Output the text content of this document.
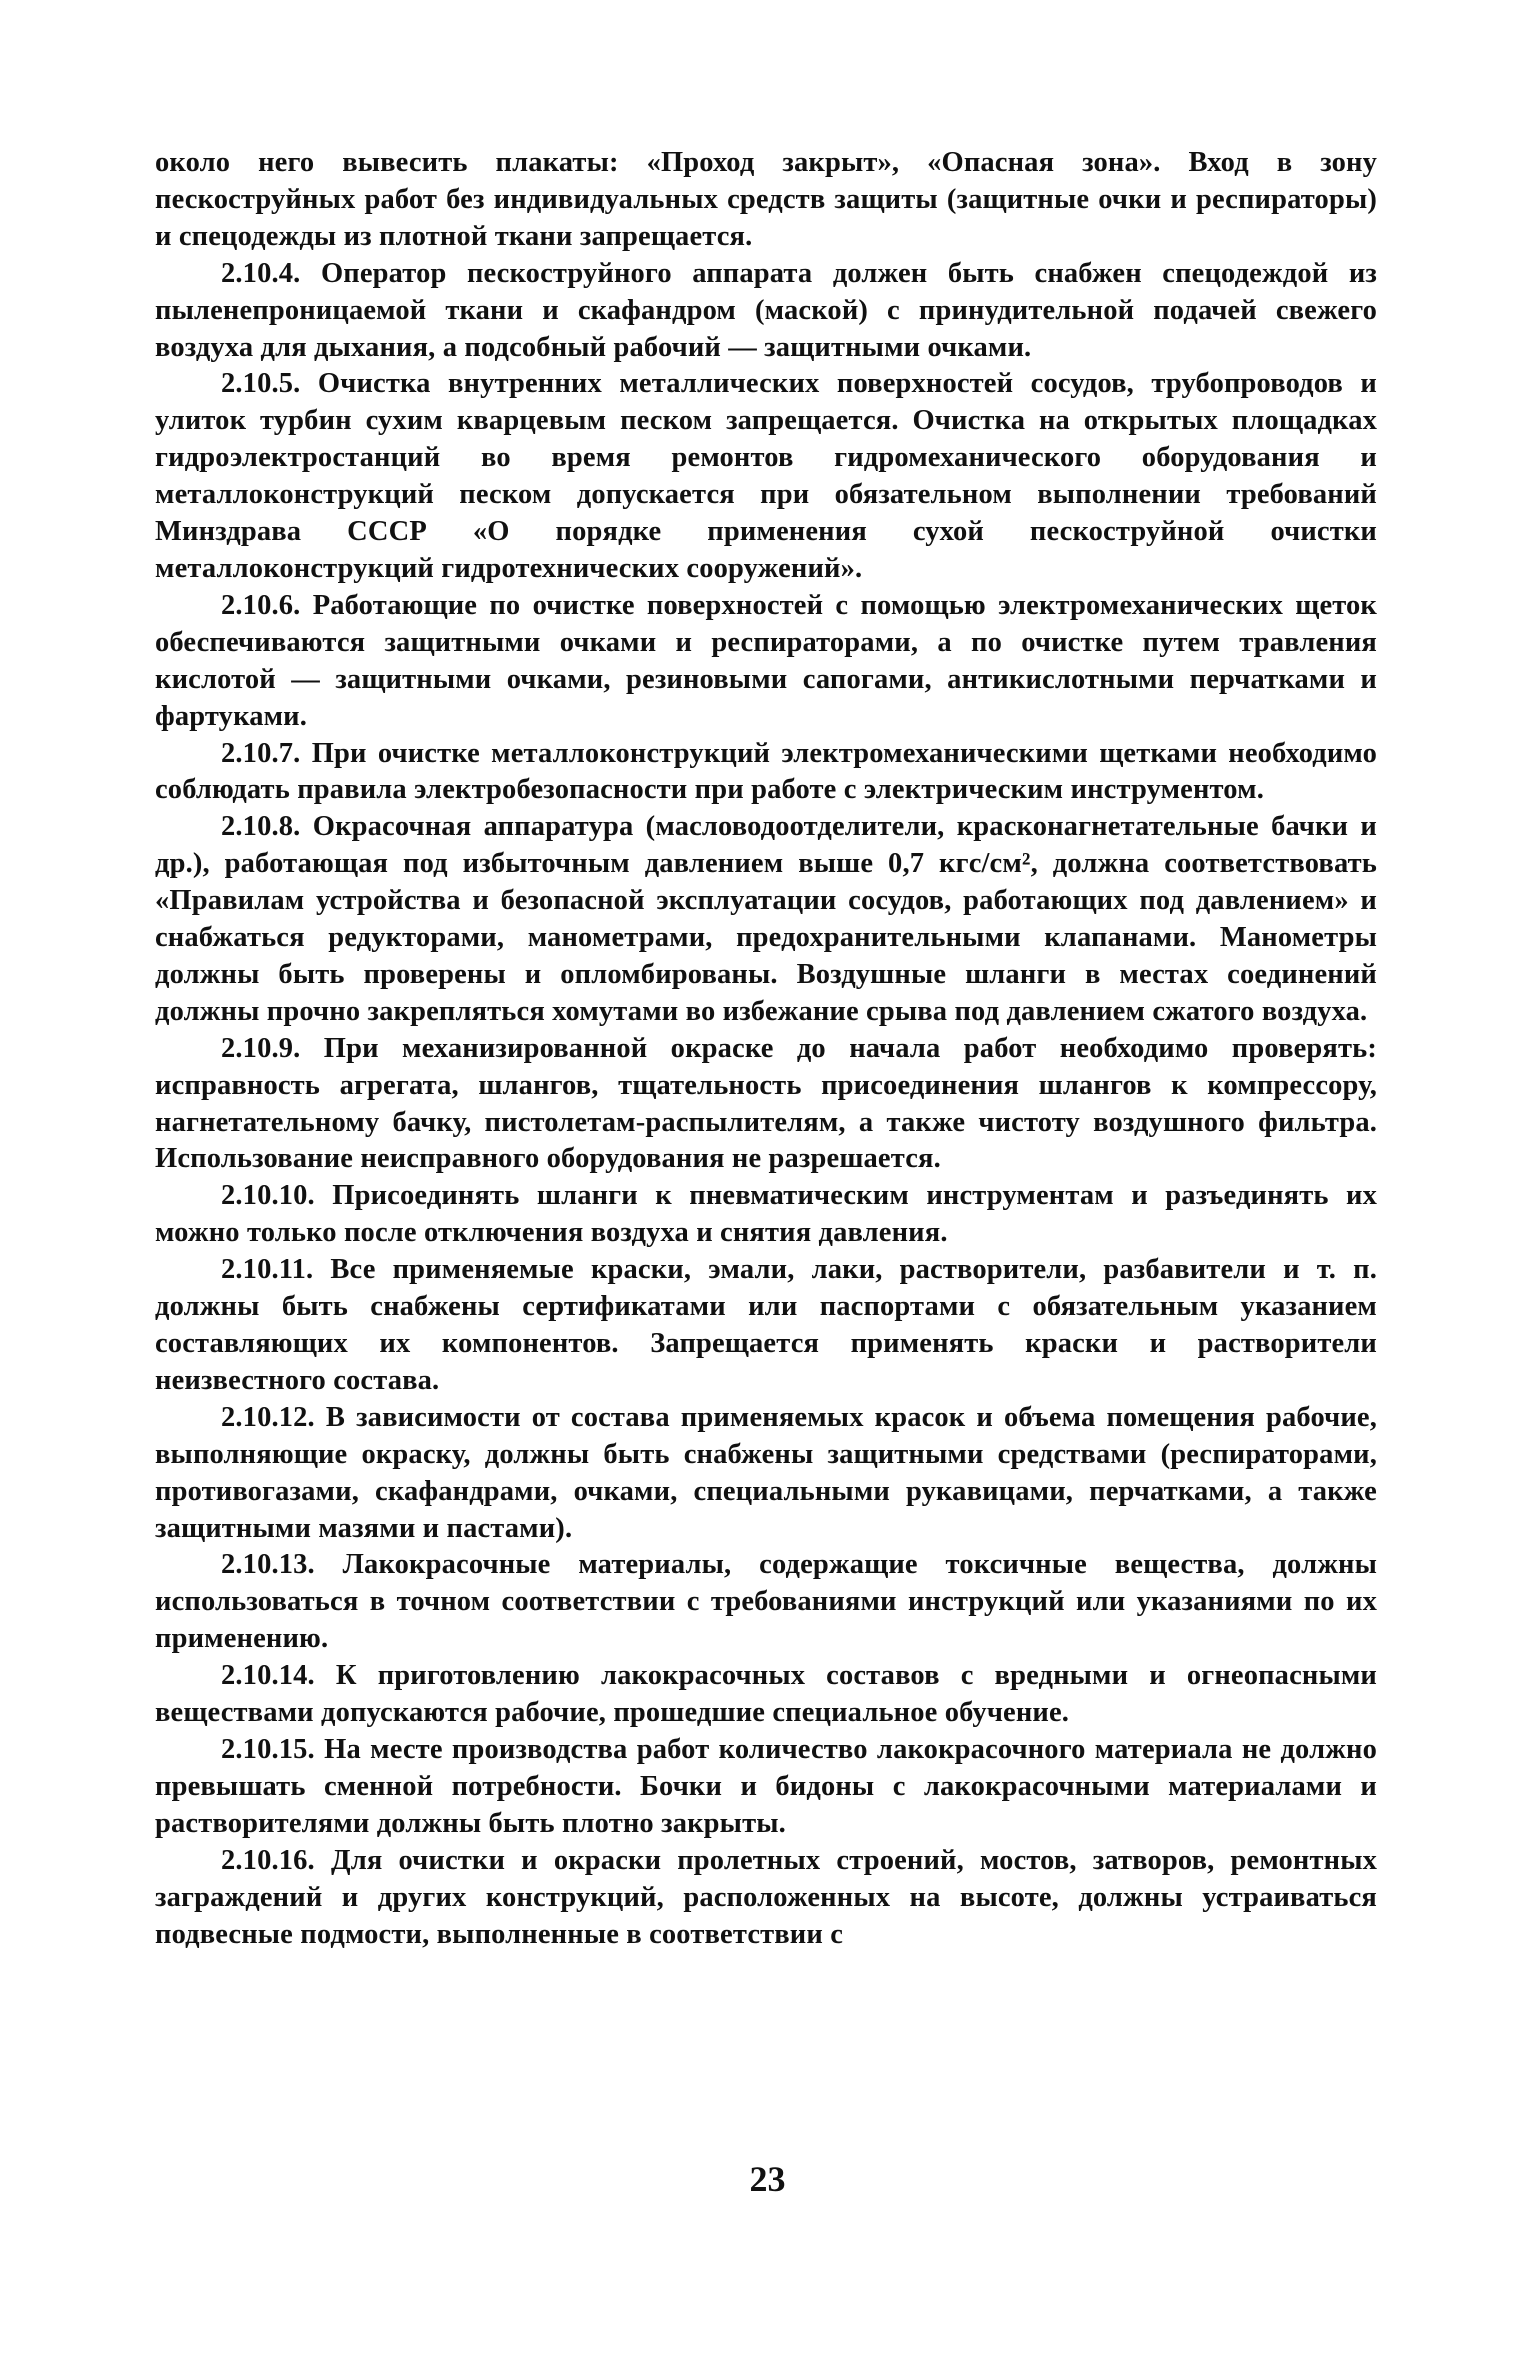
около него вывесить плакаты: «Проход закрыт», «Опасная зона». Вход в зону пескоструйных работ без индивидуальных средств защиты (защитные очки и респираторы) и спецодежды из плотной ткани запрещается.

2.10.4. Оператор пескоструйного аппарата должен быть снабжен спецодеждой из пыленепроницаемой ткани и скафандром (маской) с принудительной подачей свежего воздуха для дыхания, а подсобный рабочий — защитными очками.

2.10.5. Очистка внутренних металлических поверхностей сосудов, трубопроводов и улиток турбин сухим кварцевым песком запрещается. Очистка на открытых площадках гидроэлектростанций во время ремонтов гидромеханического оборудования и металлоконструкций песком допускается при обязательном выполнении требований Минздрава СССР «О порядке применения сухой пескоструйной очистки металлоконструкций гидротехнических сооружений».

2.10.6. Работающие по очистке поверхностей с помощью электромеханических щеток обеспечиваются защитными очками и респираторами, а по очистке путем травления кислотой — защитными очками, резиновыми сапогами, антикислотными перчатками и фартуками.

2.10.7. При очистке металлоконструкций электромеханическими щетками необходимо соблюдать правила электробезопасности при работе с электрическим инструментом.

2.10.8. Окрасочная аппаратура (масловодоотделители, красконагнетательные бачки и др.), работающая под избыточным давлением выше 0,7 кгс/см², должна соответствовать «Правилам устройства и безопасной эксплуатации сосудов, работающих под давлением» и снабжаться редукторами, манометрами, предохранительными клапанами. Манометры должны быть проверены и опломбированы. Воздушные шланги в местах соединений должны прочно закрепляться хомутами во избежание срыва под давлением сжатого воздуха.

2.10.9. При механизированной окраске до начала работ необходимо проверять: исправность агрегата, шлангов, тщательность присоединения шлангов к компрессору, нагнетательному бачку, пистолетам-распылителям, а также чистоту воздушного фильтра. Использование неисправного оборудования не разрешается.

2.10.10. Присоединять шланги к пневматическим инструментам и разъединять их можно только после отключения воздуха и снятия давления.

2.10.11. Все применяемые краски, эмали, лаки, растворители, разбавители и т. п. должны быть снабжены сертификатами или паспортами с обязательным указанием составляющих их компонентов. Запрещается применять краски и растворители неизвестного состава.

2.10.12. В зависимости от состава применяемых красок и объема помещения рабочие, выполняющие окраску, должны быть снабжены защитными средствами (респираторами, противогазами, скафандрами, очками, специальными рукавицами, перчатками, а также защитными мазями и пастами).

2.10.13. Лакокрасочные материалы, содержащие токсичные вещества, должны использоваться в точном соответствии с требованиями инструкций или указаниями по их применению.

2.10.14. К приготовлению лакокрасочных составов с вредными и огнеопасными веществами допускаются рабочие, прошедшие специальное обучение.

2.10.15. На месте производства работ количество лакокрасочного материала не должно превышать сменной потребности. Бочки и бидоны с лакокрасочными материалами и растворителями должны быть плотно закрыты.

2.10.16. Для очистки и окраски пролетных строений, мостов, затворов, ремонтных заграждений и других конструкций, расположенных на высоте, должны устраиваться подвесные подмости, выполненные в соответствии с

23
